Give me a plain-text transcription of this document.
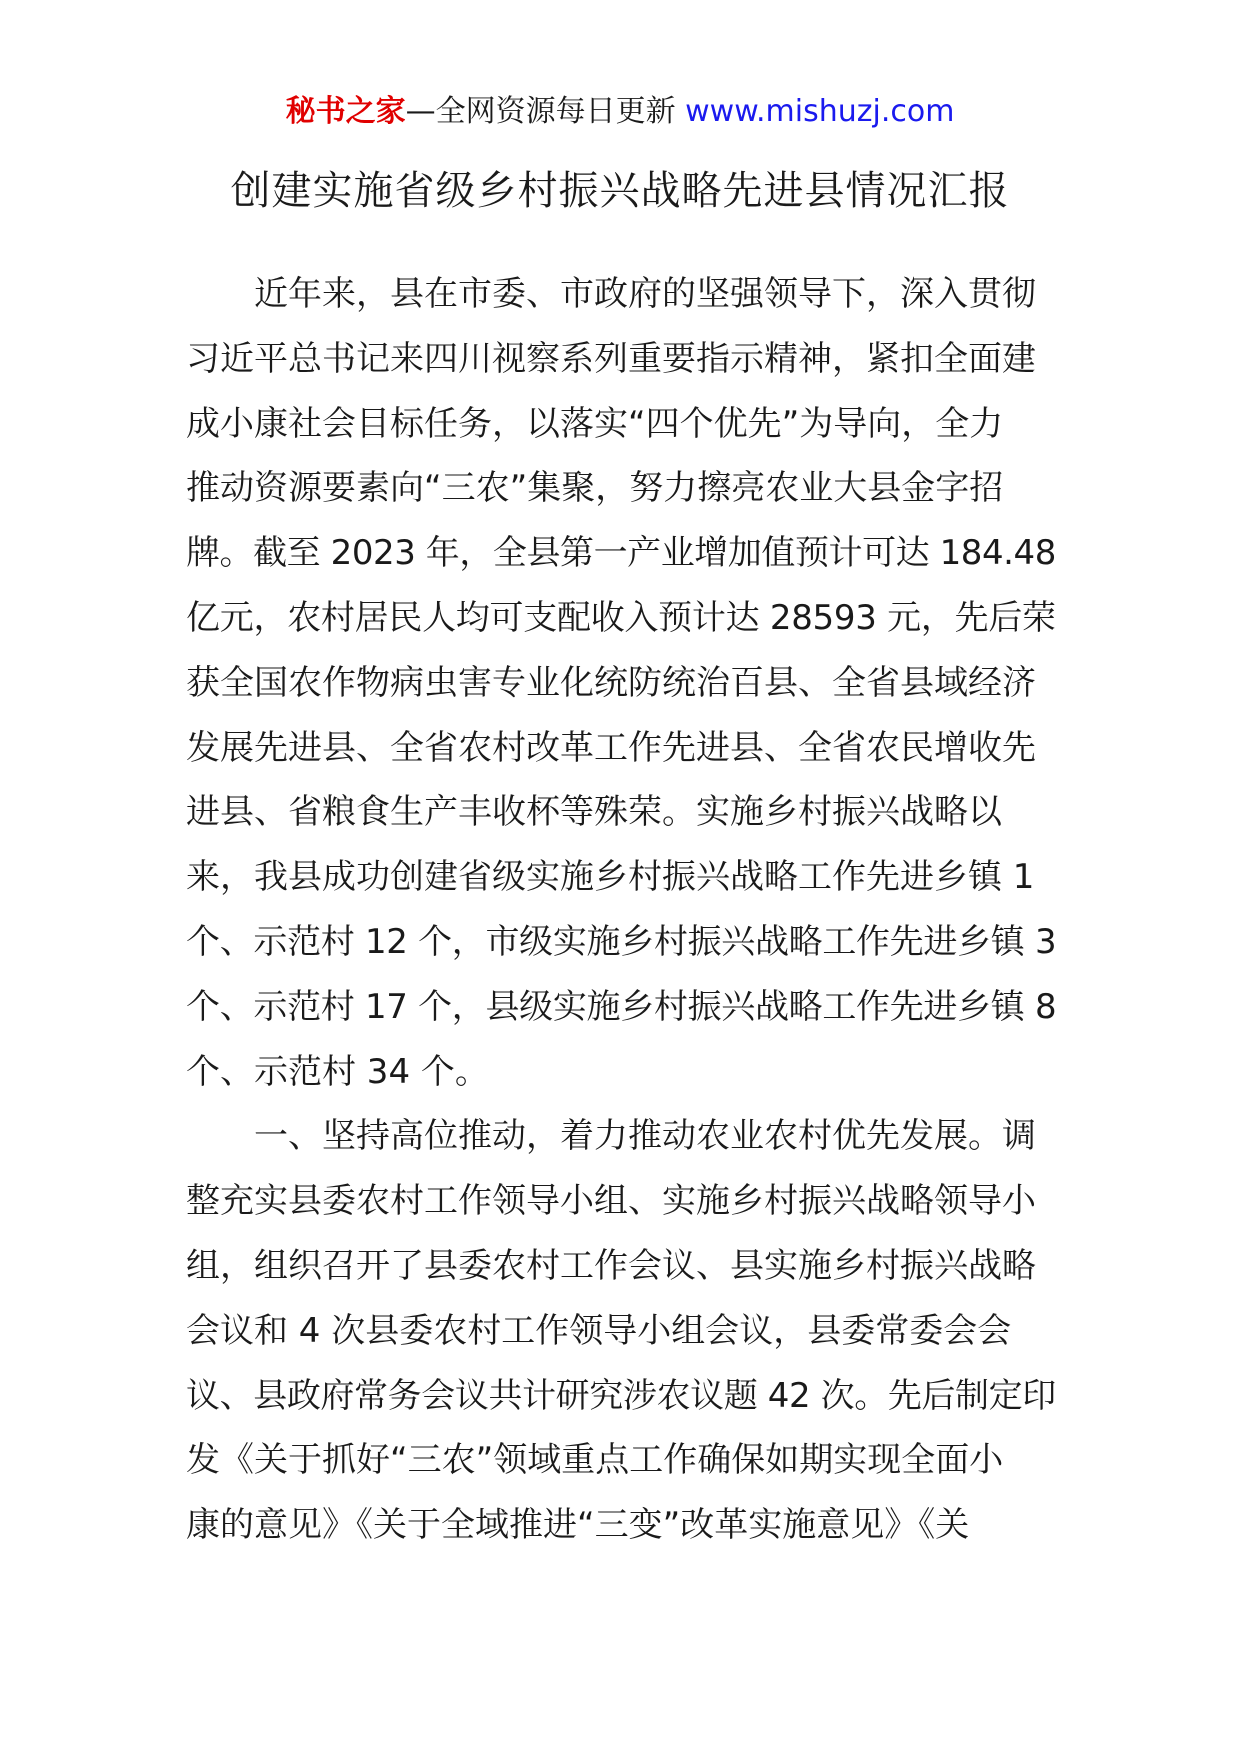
秘书之家—全网资源每日更新 www.mishuzj.com
创建实施省级乡村振兴战略先进县情况汇报
近年来，县在市委、市政府的坚强领导下，深入贯彻
习近平总书记来四川视察系列重要指示精神，紧扣全面建
成小康社会目标任务，以落实“四个优先”为导向，全力
推动资源要素向“三农”集聚，努力擦亮农业大县金字招
牌。截至 2023 年，全县第一产业增加值预计可达 184.48
亿元，农村居民人均可支配收入预计达 28593 元，先后荣
获全国农作物病虫害专业化统防统治百县、全省县域经济
发展先进县、全省农村改革工作先进县、全省农民增收先
进县、省粮食生产丰收杯等殊荣。实施乡村振兴战略以
来，我县成功创建省级实施乡村振兴战略工作先进乡镇 1
个、示范村 12 个，市级实施乡村振兴战略工作先进乡镇 3
个、示范村 17 个，县级实施乡村振兴战略工作先进乡镇 8
个、示范村 34 个。
一、坚持高位推动，着力推动农业农村优先发展。调
整充实县委农村工作领导小组、实施乡村振兴战略领导小
组，组织召开了县委农村工作会议、县实施乡村振兴战略
会议和 4 次县委农村工作领导小组会议，县委常委会会
议、县政府常务会议共计研究涉农议题 42 次。先后制定印
发《关于抓好“三农”领域重点工作确保如期实现全面小
康的意见》《关于全域推进“三变”改革实施意见》《关
